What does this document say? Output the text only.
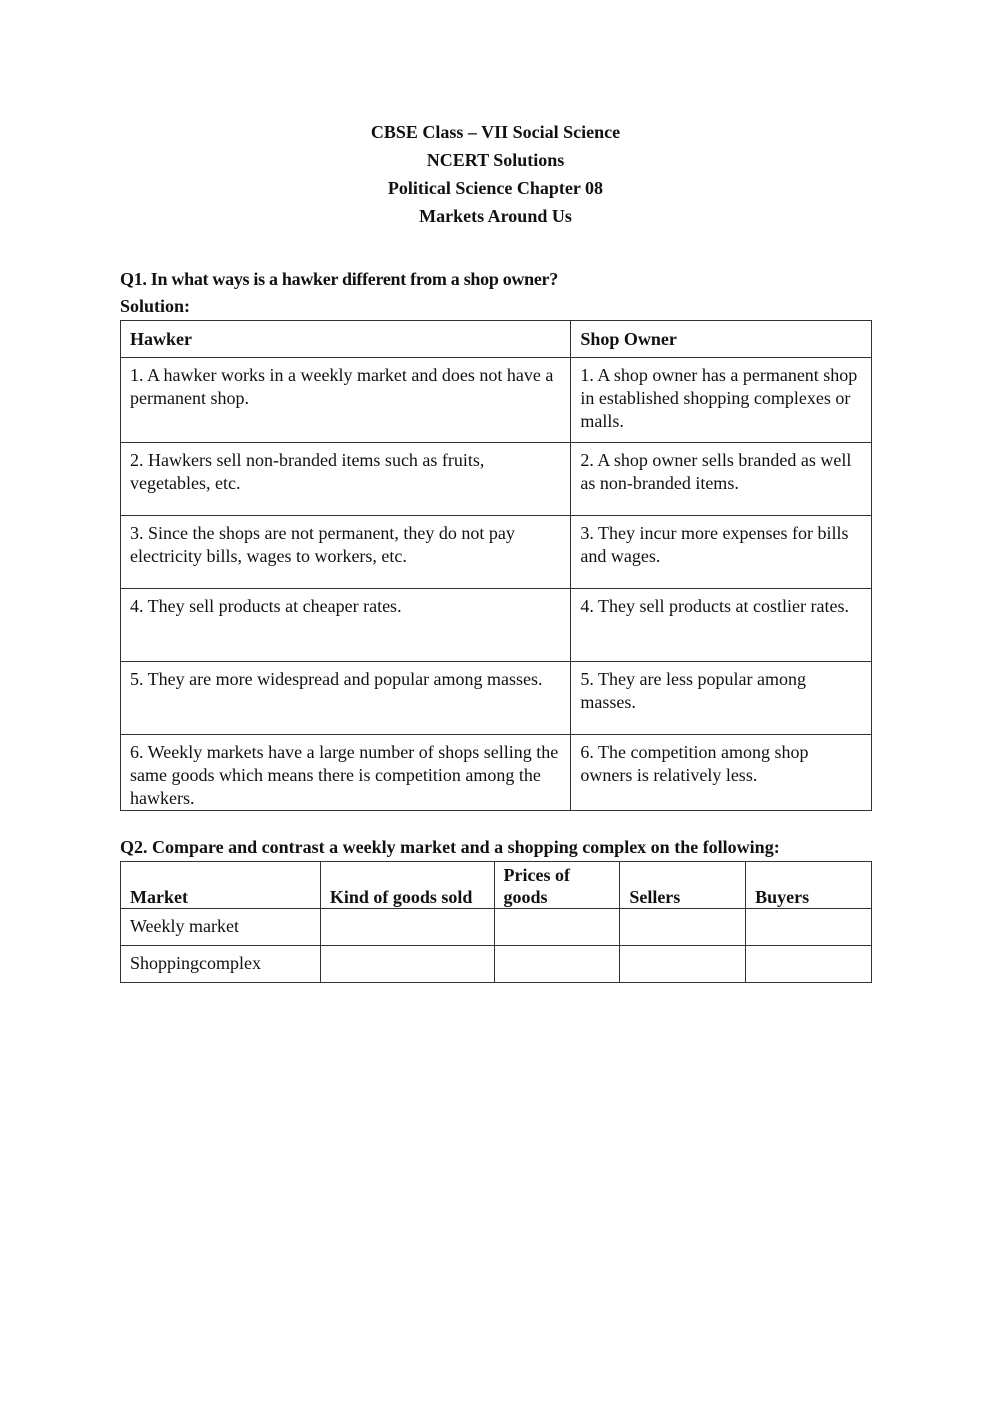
CBSE Class – VII Social Science
NCERT Solutions
Political Science Chapter 08
Markets Around Us
Q1. In what ways is a hawker different from a shop owner?
Solution:
Hawker	Shop Owner
1. A hawker works in a weekly market and does not have a permanent shop.	1. A shop owner has a permanent shop in established shopping complexes or malls.
2. Hawkers sell non-branded items such as fruits, vegetables, etc.	2. A shop owner sells branded as well as non-branded items.
3. Since the shops are not permanent, they do not pay electricity bills, wages to workers, etc.	3. They incur more expenses for bills and wages.
4. They sell products at cheaper rates.	4. They sell products at costlier rates.
5. They are more widespread and popular among masses.	5. They are less popular among masses.
6. Weekly markets have a large number of shops selling the same goods which means there is competition among the hawkers.	6. The competition among shop owners is relatively less.
Q2. Compare and contrast a weekly market and a shopping complex on the following:
Market	Kind of goods sold	Prices of goods	Sellers	Buyers
Weekly market				
Shoppingcomplex				
